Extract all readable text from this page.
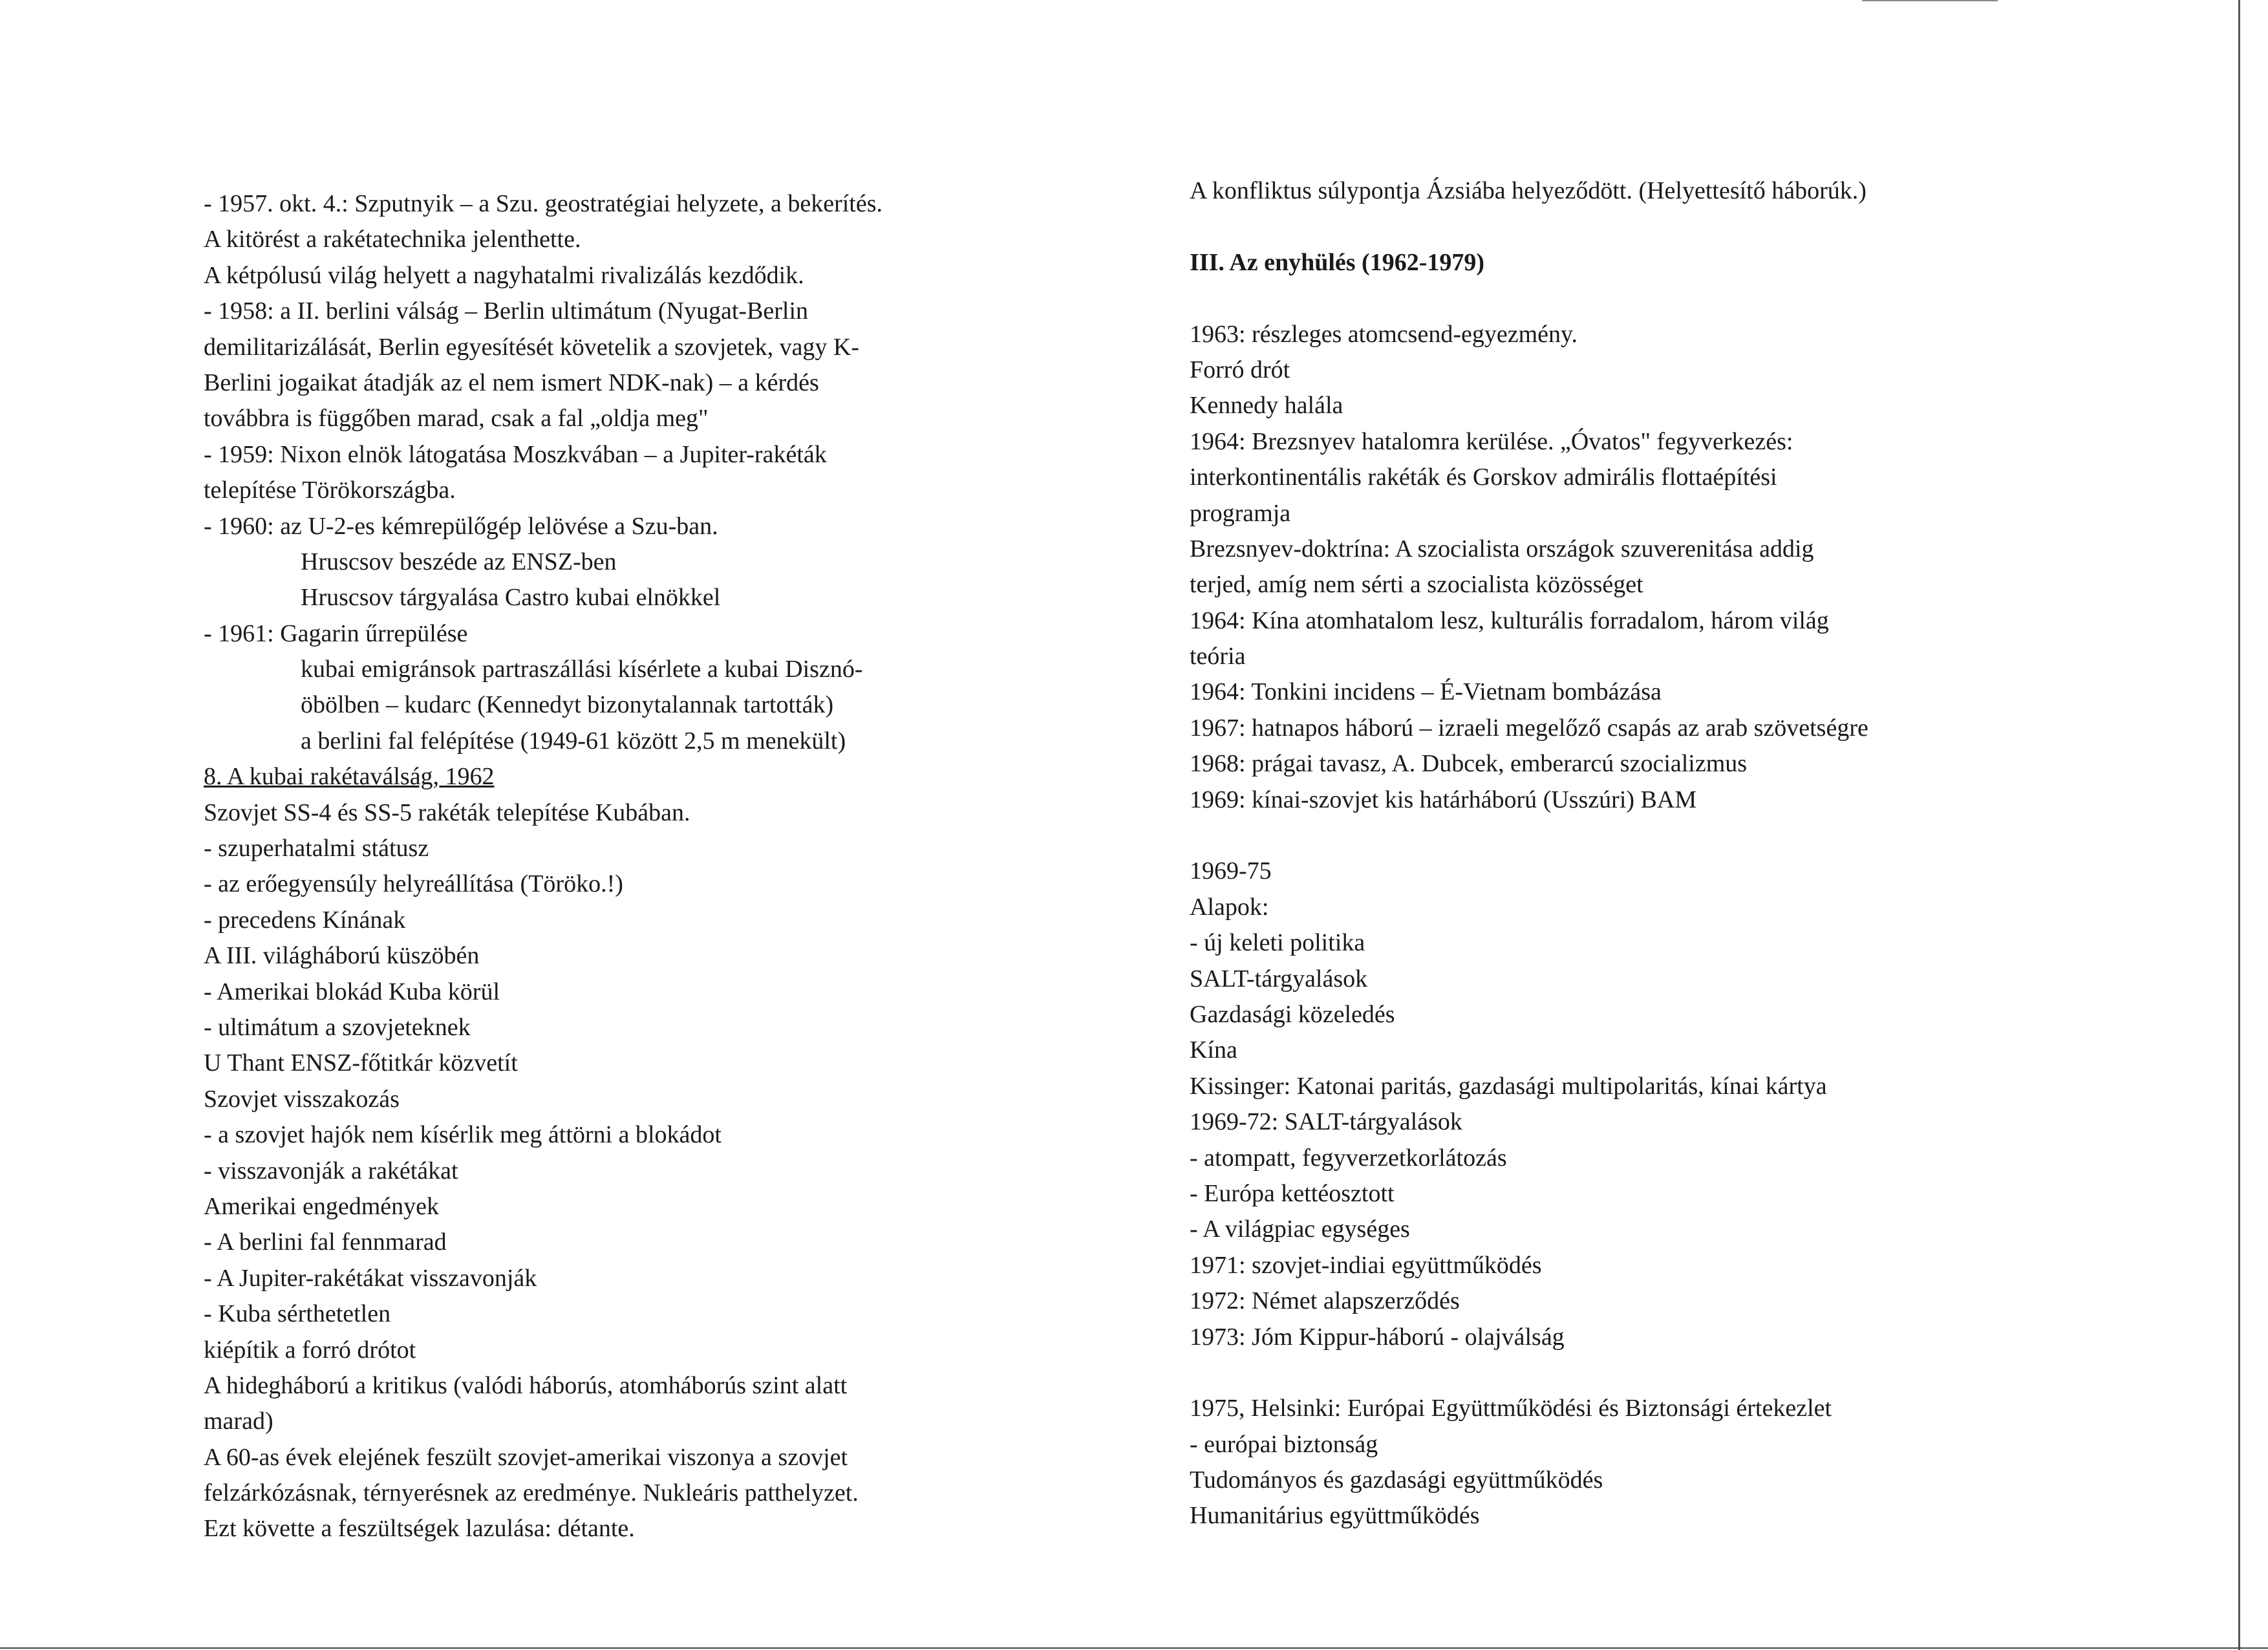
- 1957. okt. 4.: Szputnyik – a Szu. geostratégiai helyzete, a bekerítés.
A kitörést a rakétatechnika jelenthette.
A kétpólusú világ helyett a nagyhatalmi rivalizálás kezdődik.
- 1958: a II. berlini válság – Berlin ultimátum (Nyugat-Berlin
demilitarizálását, Berlin egyesítését követelik a szovjetek, vagy K-
Berlini jogaikat átadják az el nem ismert NDK-nak) – a kérdés
továbbra is függőben marad, csak a fal „oldja meg"
- 1959: Nixon elnök látogatása Moszkvában – a Jupiter-rakéták
telepítése Törökországba.
- 1960: az U-2-es kémrepülőgép lelövése a Szu-ban.
Hruscsov beszéde az ENSZ-ben
Hruscsov tárgyalása Castro kubai elnökkel
- 1961: Gagarin űrrepülése
kubai emigránsok partraszállási kísérlete a kubai Disznó-
öbölben – kudarc (Kennedyt bizonytalannak tartották)
a berlini fal felépítése (1949-61 között 2,5 m menekült)
8. A kubai rakétaválság, 1962
Szovjet SS-4 és SS-5 rakéták telepítése Kubában.
- szuperhatalmi státusz
- az erőegyensúly helyreállítása (Törökо.!)
- precedens Kínának
A III. világháború küszöbén
- Amerikai blokád Kuba körül
- ultimátum a szovjeteknek
U Thant ENSZ-főtitkár közvetít
Szovjet visszakozás
- a szovjet hajók nem kísérlik meg áttörni a blokádot
- visszavonják a rakétákat
Amerikai engedmények
- A berlini fal fennmarad
- A Jupiter-rakétákat visszavonják
- Kuba sérthetetlen
kiépítik a forró drótot
A hidegháború a kritikus (valódi háborús, atomháborús szint alatt
marad)
A 60-as évek elejének feszült szovjet-amerikai viszonya a szovjet
felzárkózásnak, térnyerésnek az eredménye. Nukleáris patthelyzet.
Ezt követte a feszültségek lazulása: détante.
A konfliktus súlypontja Ázsiába helyeződött. (Helyettesítő háborúk.)
III. Az enyhülés (1962-1979)
1963: részleges atomcsend-egyezmény.
Forró drót
Kennedy halála
1964: Brezsnyev hatalomra kerülése. „Óvatos" fegyverkezés:
interkontinentális rakéták és Gorskov admirális flottaépítési
programja
Brezsnyev-doktrína: A szocialista országok szuverenitása addig
terjed, amíg nem sérti a szocialista közösséget
1964: Kína atomhatalom lesz, kulturális forradalom, három világ
teória
1964: Tonkini incidens – É-Vietnam bombázása
1967: hatnapos háború – izraeli megelőző csapás az arab szövetségre
1968: prágai tavasz, A. Dubcek, emberarcú szocializmus
1969: kínai-szovjet kis határháború (Usszúri) BAM
1969-75
Alapok:
- új keleti politika
SALT-tárgyalások
Gazdasági közeledés
Kína
Kissinger: Katonai paritás, gazdasági multipolaritás, kínai kártya
1969-72: SALT-tárgyalások
- atompatt, fegyverzetkorlátozás
- Európa kettéosztott
- A világpiac egységes
1971: szovjet-indiai együttműködés
1972: Német alapszerződés
1973: Jóm Kippur-háború - olajválság
1975, Helsinki: Európai Együttműködési és Biztonsági értekezlet
- európai biztonság
Tudományos és gazdasági együttműködés
Humanitárius együttműködés
